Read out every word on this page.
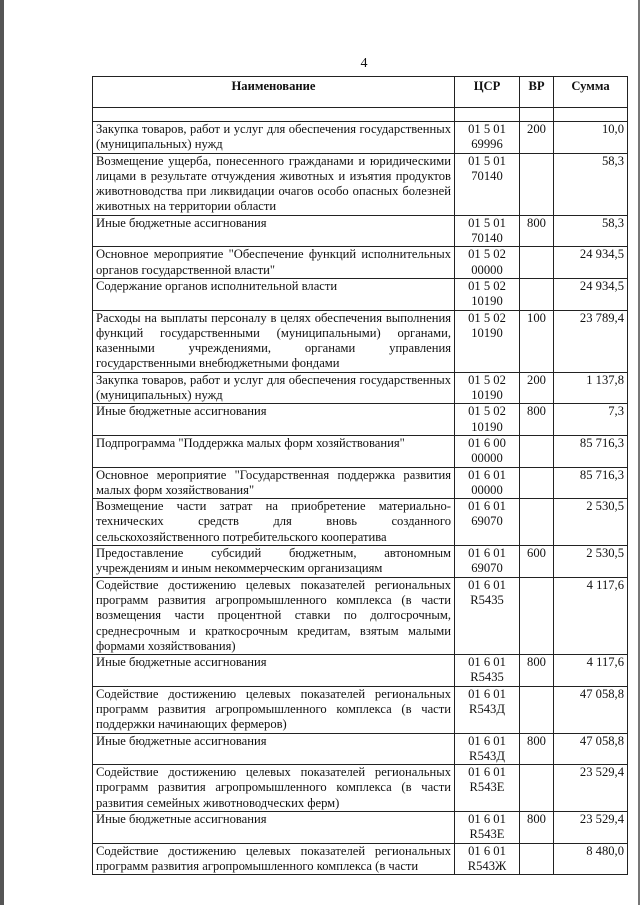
4
Наименование	ЦСР	ВР	Сумма

Закупка товаров, работ и услуг для обеспечения государственных (муниципальных) нужд	01 5 01 69996	200	10,0
Возмещение ущерба, понесенного гражданами и юридическими лицами в результате отчуждения животных и изъятия продуктов животноводства при ликвидации очагов особо опасных болезней животных на территории области	01 5 01 70140		58,3
Иные бюджетные ассигнования	01 5 01 70140	800	58,3
Основное мероприятие "Обеспечение функций исполнительных органов государственной власти"	01 5 02 00000		24 934,5
Содержание органов исполнительной власти	01 5 02 10190		24 934,5
Расходы на выплаты персоналу в целях обеспечения выполнения функций государственными (муниципальными) органами, казенными учреждениями, органами управления государственными внебюджетными фондами	01 5 02 10190	100	23 789,4
Закупка товаров, работ и услуг для обеспечения государственных (муниципальных) нужд	01 5 02 10190	200	1 137,8
Иные бюджетные ассигнования	01 5 02 10190	800	7,3
Подпрограмма "Поддержка малых форм хозяйствования"	01 6 00 00000		85 716,3
Основное мероприятие "Государственная поддержка развития малых форм хозяйствования"	01 6 01 00000		85 716,3
Возмещение части затрат на приобретение материально-технических средств для вновь созданного сельскохозяйственного потребительского кооператива	01 6 01 69070		2 530,5
Предоставление субсидий бюджетным, автономным учреждениям и иным некоммерческим организациям	01 6 01 69070	600	2 530,5
Содействие достижению целевых показателей региональных программ развития агропромышленного комплекса (в части возмещения части процентной ставки по долгосрочным, среднесрочным и краткосрочным кредитам, взятым малыми формами хозяйствования)	01 6 01 R5435		4 117,6
Иные бюджетные ассигнования	01 6 01 R5435	800	4 117,6
Содействие достижению целевых показателей региональных программ развития агропромышленного комплекса (в части поддержки начинающих фермеров)	01 6 01 R543Д		47 058,8
Иные бюджетные ассигнования	01 6 01 R543Д	800	47 058,8
Содействие достижению целевых показателей региональных программ развития агропромышленного комплекса (в части развития семейных животноводческих ферм)	01 6 01 R543Е		23 529,4
Иные бюджетные ассигнования	01 6 01 R543Е	800	23 529,4
Содействие достижению целевых показателей региональных программ развития агропромышленного комплекса (в части	01 6 01 R543Ж		8 480,0
